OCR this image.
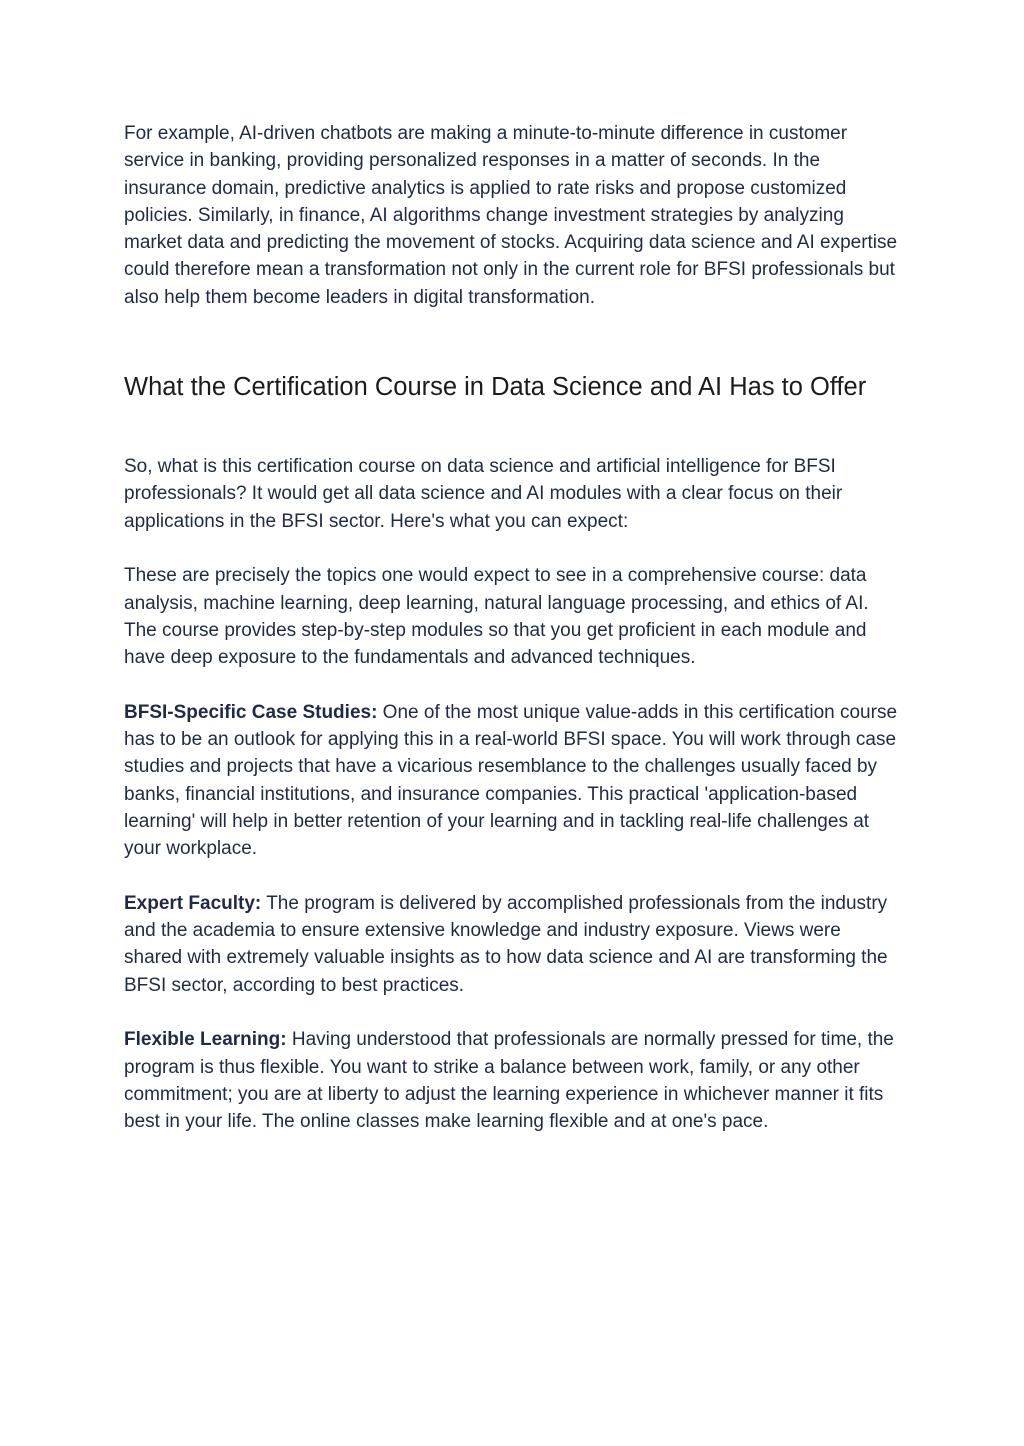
For example, AI-driven chatbots are making a minute-to-minute difference in customer service in banking, providing personalized responses in a matter of seconds. In the insurance domain, predictive analytics is applied to rate risks and propose customized policies. Similarly, in finance, AI algorithms change investment strategies by analyzing market data and predicting the movement of stocks. Acquiring data science and AI expertise could therefore mean a transformation not only in the current role for BFSI professionals but also help them become leaders in digital transformation.

What the Certification Course in Data Science and AI Has to Offer

So, what is this certification course on data science and artificial intelligence for BFSI professionals? It would get all data science and AI modules with a clear focus on their applications in the BFSI sector. Here's what you can expect:

These are precisely the topics one would expect to see in a comprehensive course: data analysis, machine learning, deep learning, natural language processing, and ethics of AI. The course provides step-by-step modules so that you get proficient in each module and have deep exposure to the fundamentals and advanced techniques.

BFSI-Specific Case Studies: One of the most unique value-adds in this certification course has to be an outlook for applying this in a real-world BFSI space. You will work through case studies and projects that have a vicarious resemblance to the challenges usually faced by banks, financial institutions, and insurance companies. This practical 'application-based learning' will help in better retention of your learning and in tackling real-life challenges at your workplace.

Expert Faculty: The program is delivered by accomplished professionals from the industry and the academia to ensure extensive knowledge and industry exposure. Views were shared with extremely valuable insights as to how data science and AI are transforming the BFSI sector, according to best practices.

Flexible Learning: Having understood that professionals are normally pressed for time, the program is thus flexible. You want to strike a balance between work, family, or any other commitment; you are at liberty to adjust the learning experience in whichever manner it fits best in your life. The online classes make learning flexible and at one's pace.
